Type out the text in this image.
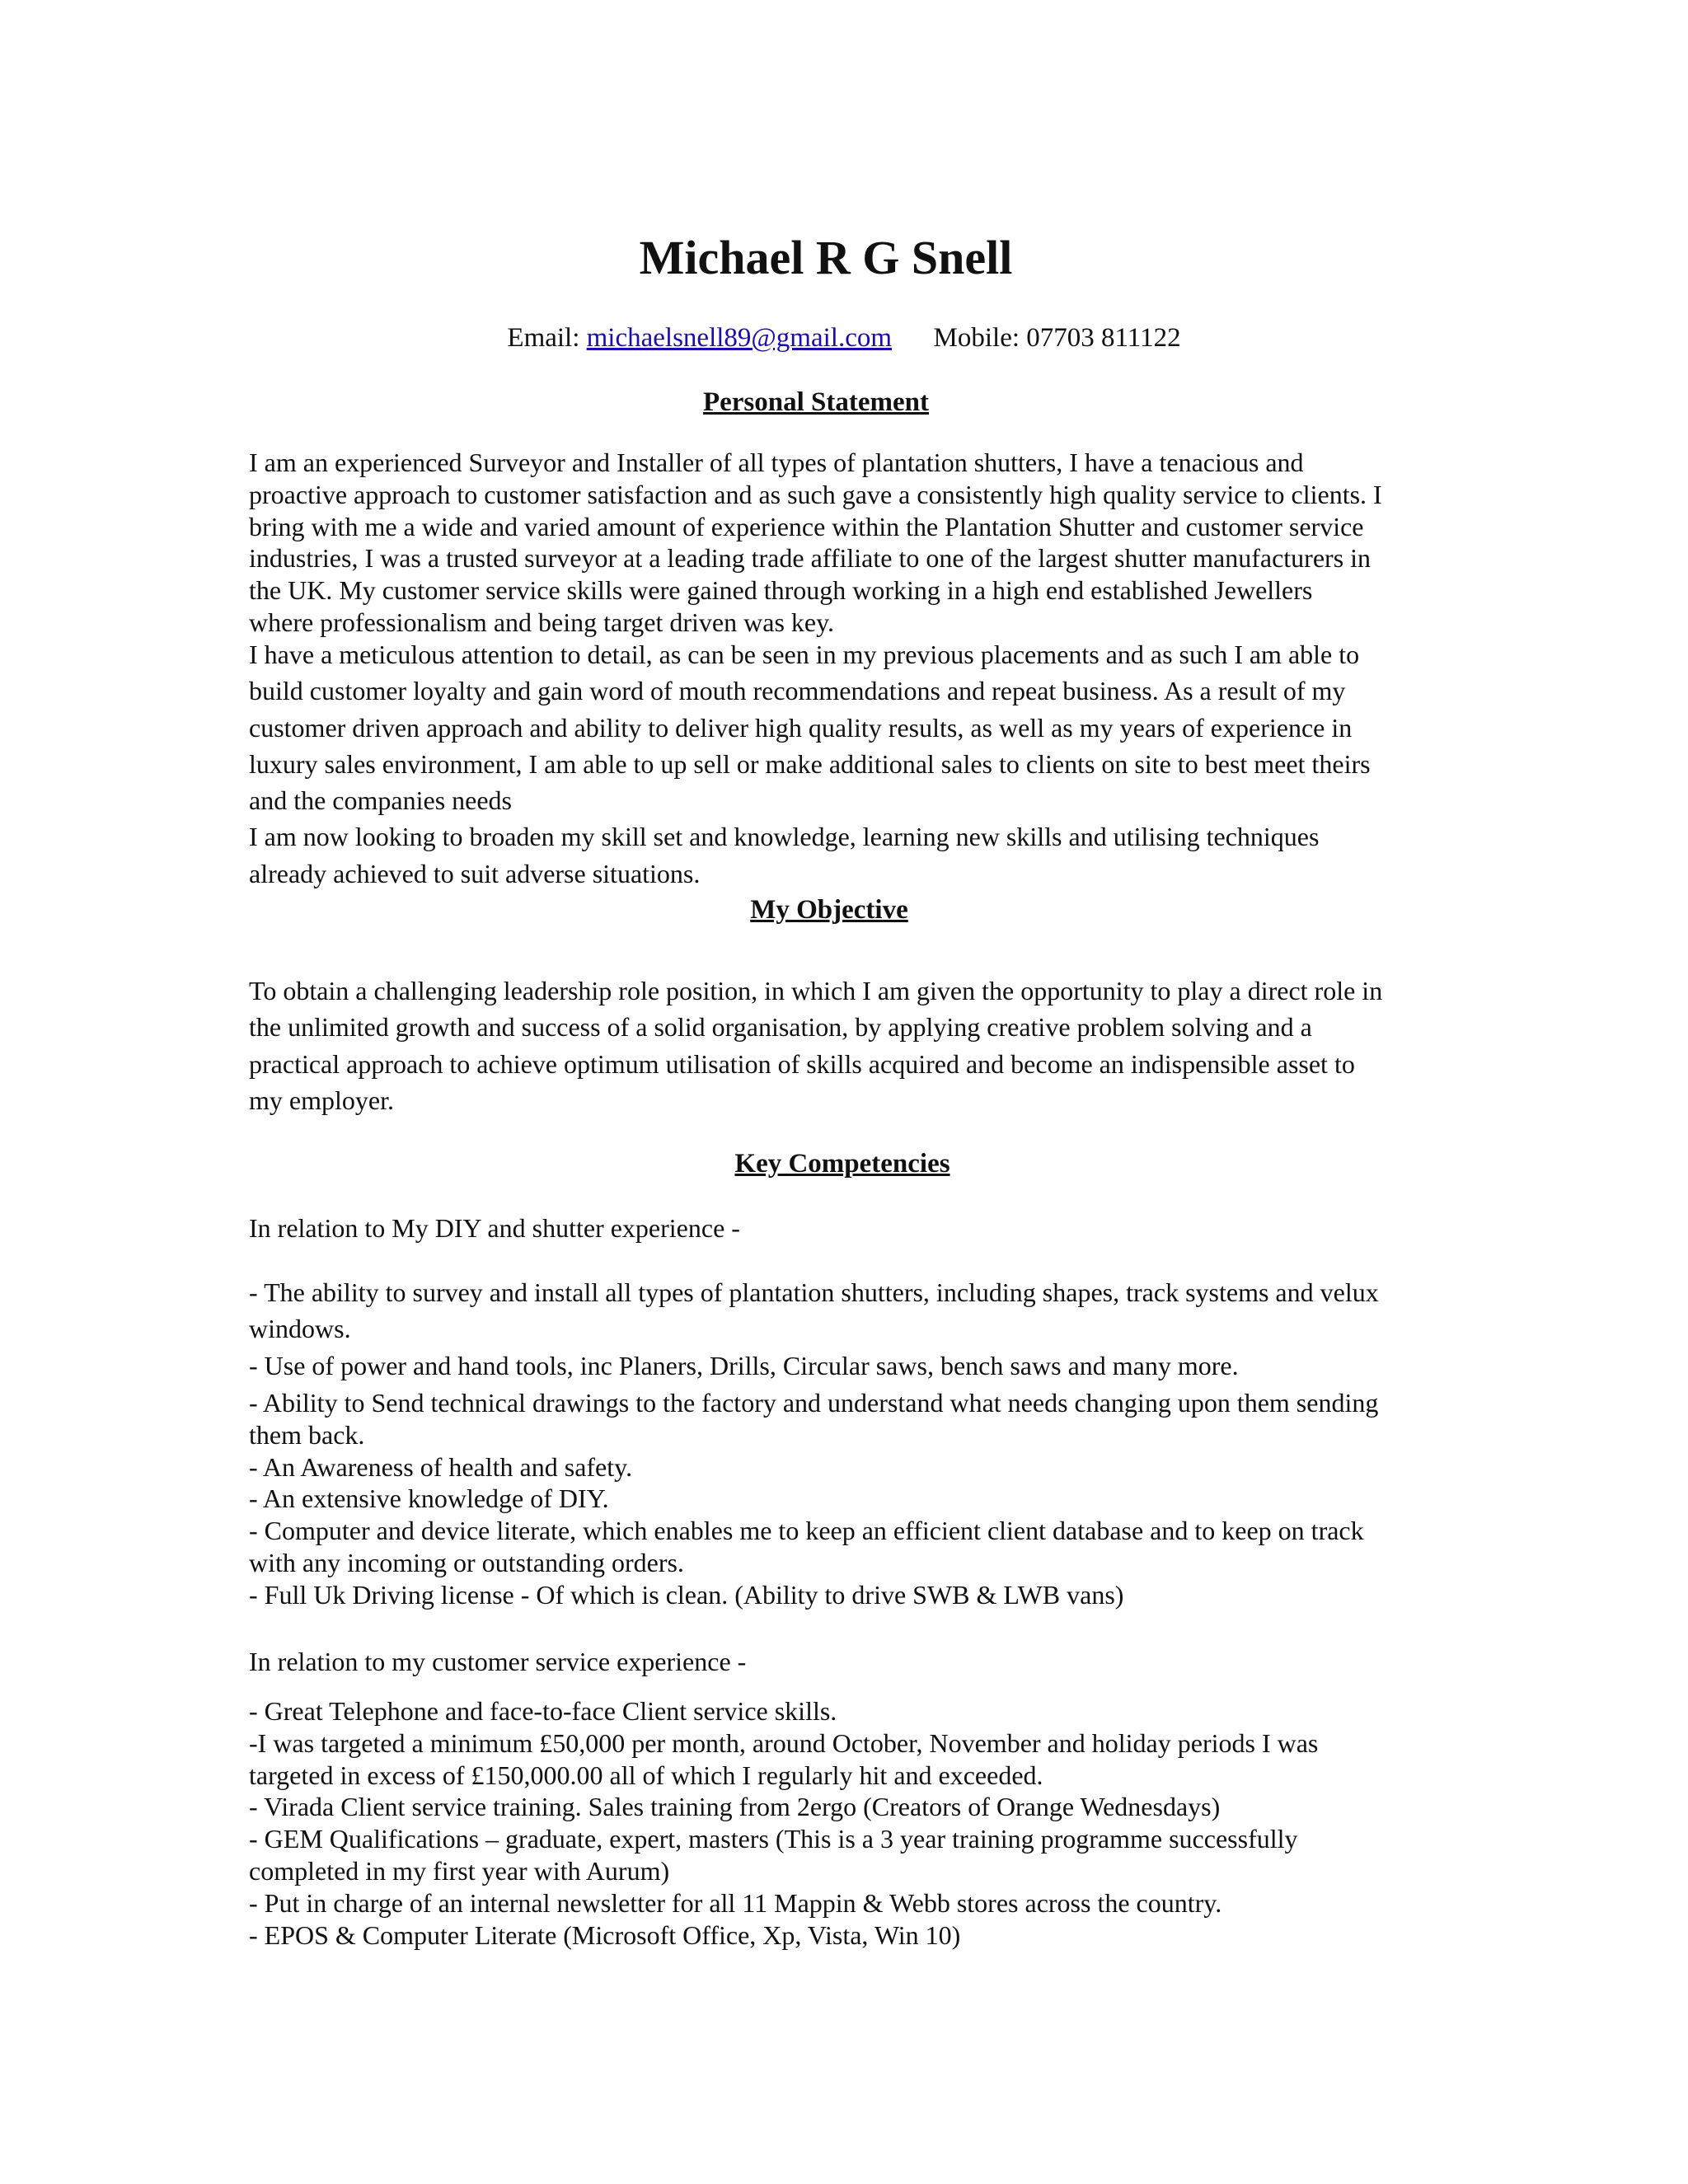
Michael R G Snell
Email: michaelsnell89@gmail.com Mobile: 07703 811122
Personal Statement
I am an experienced Surveyor and Installer of all types of plantation shutters, I have a tenacious and
proactive approach to customer satisfaction and as such gave a consistently high quality service to clients. I
bring with me a wide and varied amount of experience within the Plantation Shutter and customer service
industries, I was a trusted surveyor at a leading trade affiliate to one of the largest shutter manufacturers in
the UK. My customer service skills were gained through working in a high end established Jewellers
where professionalism and being target driven was key.
I have a meticulous attention to detail, as can be seen in my previous placements and as such I am able to
build customer loyalty and gain word of mouth recommendations and repeat business. As a result of my
customer driven approach and ability to deliver high quality results, as well as my years of experience in
luxury sales environment, I am able to up sell or make additional sales to clients on site to best meet theirs
and the companies needs
I am now looking to broaden my skill set and knowledge, learning new skills and utilising techniques
already achieved to suit adverse situations.
My Objective
To obtain a challenging leadership role position, in which I am given the opportunity to play a direct role in
the unlimited growth and success of a solid organisation, by applying creative problem solving and a
practical approach to achieve optimum utilisation of skills acquired and become an indispensible asset to
my employer.
Key Competencies
In relation to My DIY and shutter experience -
- The ability to survey and install all types of plantation shutters, including shapes, track systems and velux
windows.
- Use of power and hand tools, inc Planers, Drills, Circular saws, bench saws and many more.
- Ability to Send technical drawings to the factory and understand what needs changing upon them sending
them back.
- An Awareness of health and safety.
- An extensive knowledge of DIY.
- Computer and device literate, which enables me to keep an efficient client database and to keep on track
with any incoming or outstanding orders.
- Full Uk Driving license - Of which is clean. (Ability to drive SWB & LWB vans)
In relation to my customer service experience -
- Great Telephone and face-to-face Client service skills.
-I was targeted a minimum £50,000 per month, around October, November and holiday periods I was
targeted in excess of £150,000.00 all of which I regularly hit and exceeded.
- Virada Client service training. Sales training from 2ergo (Creators of Orange Wednesdays)
- GEM Qualifications – graduate, expert, masters (This is a 3 year training programme successfully
completed in my first year with Aurum)
- Put in charge of an internal newsletter for all 11 Mappin & Webb stores across the country.
- EPOS & Computer Literate (Microsoft Office, Xp, Vista, Win 10)
